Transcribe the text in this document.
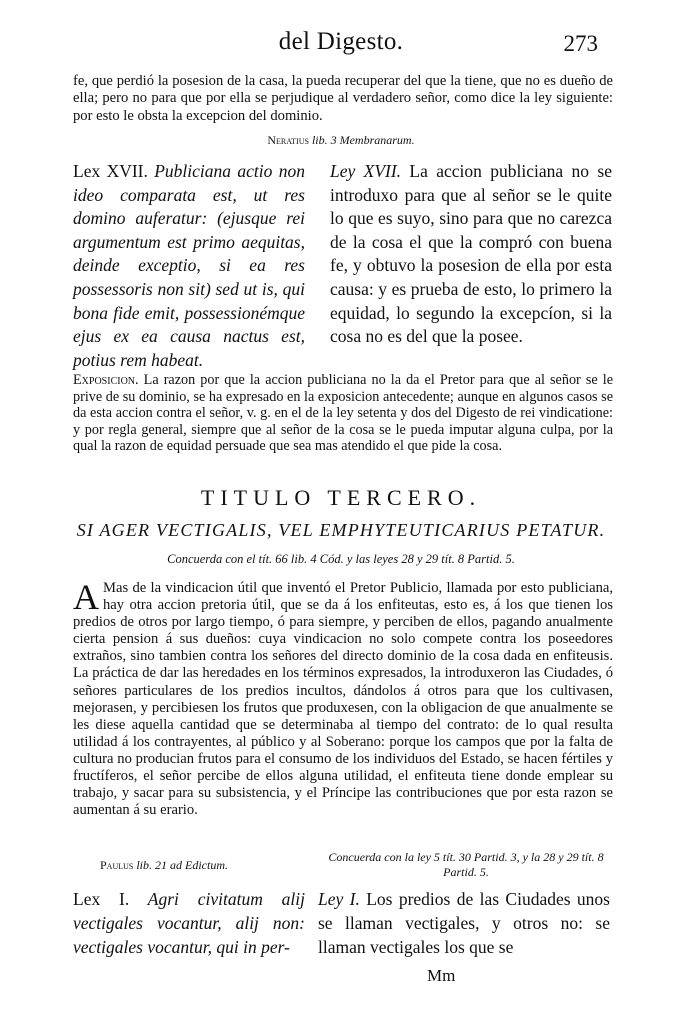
del Digesto.	273
fe, que perdió la posesion de la casa, la pueda recuperar del que la tiene, que no es dueño de ella; pero no para que por ella se perjudique al verdadero señor, como dice la ley siguiente: por esto le obsta la excepcion del dominio.
Neratius lib. 3 Membranarum.
Lex XVII. Publiciana actio non ideo comparata est, ut res domino auferatur: (ejusque rei argumentum est primo aequitas, deinde exceptio, si ea res possessoris non sit) sed ut is, qui bona fide emit, possessionémque ejus ex ea causa nactus est, potius rem habeat.
Ley XVII. La accion publiciana no se introduxo para que al señor se le quite lo que es suyo, sino para que no carezca de la cosa el que la compró con buena fe, y obtuvo la posesion de ella por esta causa: y es prueba de esto, lo primero la equidad, lo segundo la excepcíon, si la cosa no es del que la posee.
Exposicion. La razon por que la accion publiciana no la da el Pretor para que al señor se le prive de su dominio, se ha expresado en la exposicion antecedente; aunque en algunos casos se da esta accion contra el señor, v. g. en el de la ley setenta y dos del Digesto de rei vindicatione: y por regla general, siempre que al señor de la cosa se le pueda imputar alguna culpa, por la qual la razon de equidad persuade que sea mas atendido el que pide la cosa.
TITULO TERCERO.
SI AGER VECTIGALIS, VEL EMPHYTEUTICARIUS PETATUR.
Concuerda con el tít. 66 lib. 4 Cód. y las leyes 28 y 29 tít. 8 Partid. 5.
A Mas de la vindicacion útil que inventó el Pretor Publicio, llamada por esto publiciana, hay otra accion pretoria útil, que se da á los enfiteutas, esto es, á los que tienen los predios de otros por largo tiempo, ó para siempre, y perciben de ellos, pagando anualmente cierta pension á sus dueños: cuya vindicacion no solo compete contra los poseedores extraños, sino tambien contra los señores del directo dominio de la cosa dada en enfiteusis. La práctica de dar las heredades en los términos expresados, la introduxeron las Ciudades, ó señores particulares de los predios incultos, dándolos á otros para que los cultivasen, mejorasen, y percibiesen los frutos que produxesen, con la obligacion de que anualmente se les diese aquella cantidad que se determinaba al tiempo del contrato: de lo qual resulta utilidad á los contrayentes, al público y al Soberano: porque los campos que por la falta de cultura no producian frutos para el consumo de los individuos del Estado, se hacen fértiles y fructíferos, el señor percibe de ellos alguna utilidad, el enfiteuta tiene donde emplear su trabajo, y sacar para su subsistencia, y el Príncipe las contribuciones que por esta razon se aumentan á su erario.
Paulus lib. 21 ad Edictum.
Concuerda con la ley 5 tít. 30 Partid. 3, y la 28 y 29 tít. 8 Partid. 5.
Lex I. Agri civitatum alij vectigales vocantur, alij non: vectigales vocantur, qui in per-
Ley I. Los predios de las Ciudades unos se llaman vectigales, y otros no: se llaman vectigales los que se
Mm
